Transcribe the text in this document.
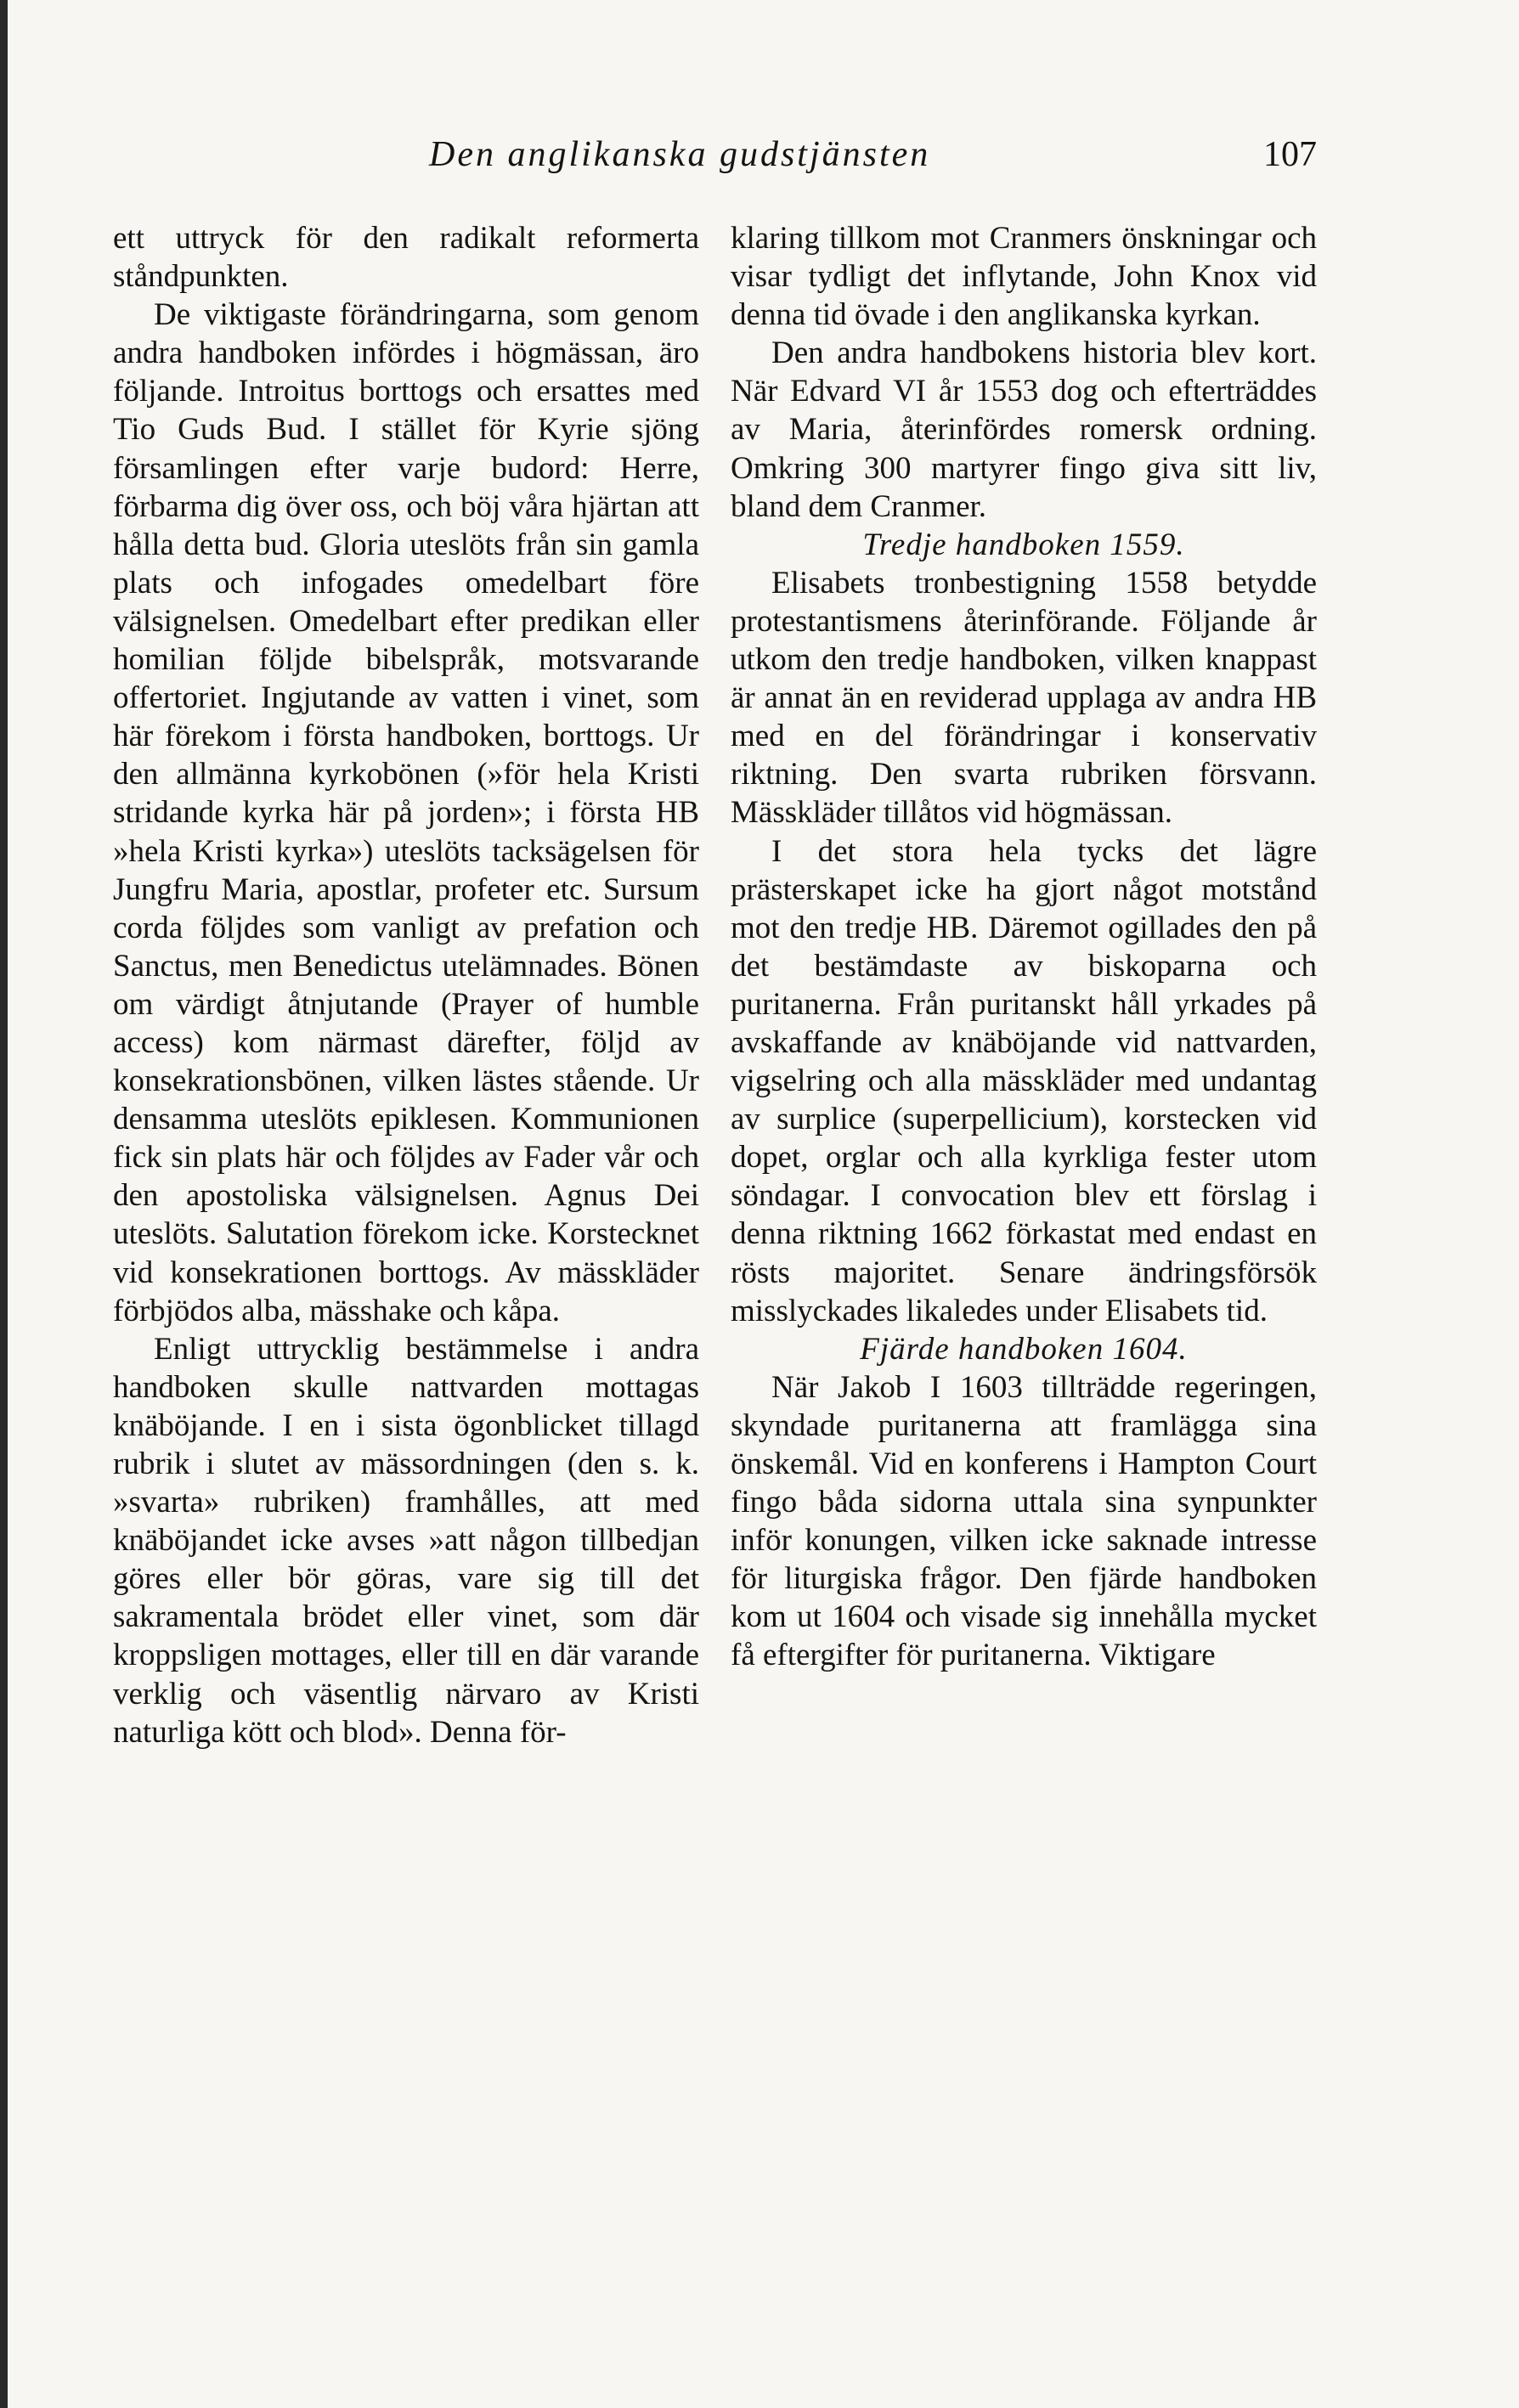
Den anglikanska gudstjänsten	107

ett uttryck för den radikalt reformerta ståndpunkten.

De viktigaste förändringarna, som genom andra handboken infördes i högmässan, äro följande. Introitus borttogs och ersattes med Tio Guds Bud. I stället för Kyrie sjöng församlingen efter varje budord: Herre, förbarma dig över oss, och böj våra hjärtan att hålla detta bud. Gloria uteslöts från sin gamla plats och infogades omedelbart före välsignelsen. Omedelbart efter predikan eller homilian följde bibelspråk, motsvarande offertoriet. Ingjutande av vatten i vinet, som här förekom i första handboken, borttogs. Ur den allmänna kyrkobönen (»för hela Kristi stridande kyrka här på jorden»; i första HB »hela Kristi kyrka») uteslöts tacksägelsen för Jungfru Maria, apostlar, profeter etc. Sursum corda följdes som vanligt av prefation och Sanctus, men Benedictus utelämnades. Bönen om värdigt åtnjutande (Prayer of humble access) kom närmast därefter, följd av konsekrationsbönen, vilken lästes stående. Ur densamma uteslöts epiklesen. Kommunionen fick sin plats här och följdes av Fader vår och den apostoliska välsignelsen. Agnus Dei uteslöts. Salutation förekom icke. Korstecknet vid konsekrationen borttogs. Av mässkläder förbjödos alba, mässhake och kåpa.

Enligt uttrycklig bestämmelse i andra handboken skulle nattvarden mottagas knäböjande. I en i sista ögonblicket tillagd rubrik i slutet av mässordningen (den s. k. »svarta» rubriken) framhålles, att med knäböjandet icke avses »att någon tillbedjan göres eller bör göras, vare sig till det sakramentala brödet eller vinet, som där kroppsligen mottages, eller till en där varande verklig och väsentlig närvaro av Kristi naturliga kött och blod». Denna för-

klaring tillkom mot Cranmers önskningar och visar tydligt det inflytande, John Knox vid denna tid övade i den anglikanska kyrkan.

Den andra handbokens historia blev kort. När Edvard VI år 1553 dog och efterträddes av Maria, återinfördes romersk ordning. Omkring 300 martyrer fingo giva sitt liv, bland dem Cranmer.

Tredje handboken 1559.

Elisabets tronbestigning 1558 betydde protestantismens återinförande. Följande år utkom den tredje handboken, vilken knappast är annat än en reviderad upplaga av andra HB med en del förändringar i konservativ riktning. Den svarta rubriken försvann. Mässkläder tillåtos vid högmässan.

I det stora hela tycks det lägre prästerskapet icke ha gjort något motstånd mot den tredje HB. Däremot ogillades den på det bestämdaste av biskoparna och puritanerna. Från puritanskt håll yrkades på avskaffande av knäböjande vid nattvarden, vigselring och alla mässkläder med undantag av surplice (superpellicium), korstecken vid dopet, orglar och alla kyrkliga fester utom söndagar. I convocation blev ett förslag i denna riktning 1662 förkastat med endast en rösts majoritet. Senare ändringsförsök misslyckades likaledes under Elisabets tid.

Fjärde handboken 1604.

När Jakob I 1603 tillträdde regeringen, skyndade puritanerna att framlägga sina önskemål. Vid en konferens i Hampton Court fingo båda sidorna uttala sina synpunkter inför konungen, vilken icke saknade intresse för liturgiska frågor. Den fjärde handboken kom ut 1604 och visade sig innehålla mycket få eftergifter för puritanerna. Viktigare
